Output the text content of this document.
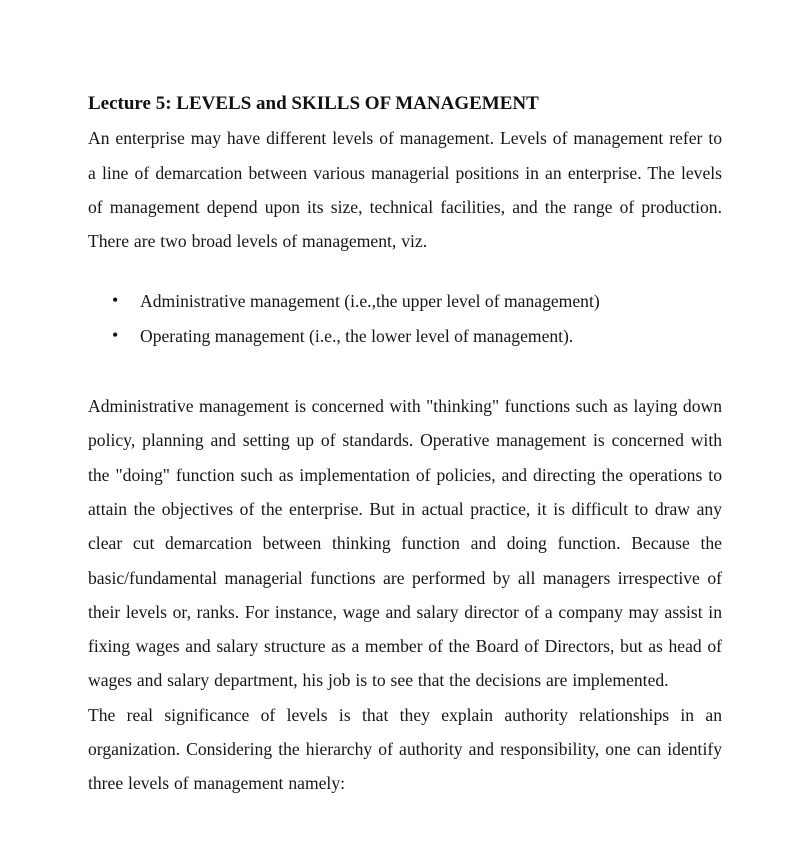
Lecture 5: LEVELS and SKILLS OF MANAGEMENT

An enterprise may have different levels of management. Levels of management refer to a line of demarcation between various managerial positions in an enterprise. The levels of management depend upon its size, technical facilities, and the range of production. There are two broad levels of management, viz.

• Administrative management (i.e.,the upper level of management)
• Operating management (i.e., the lower level of management).

Administrative management is concerned with "thinking" functions such as laying down policy, planning and setting up of standards. Operative management is concerned with the "doing" function such as implementation of policies, and directing the operations to attain the objectives of the enterprise. But in actual practice, it is difficult to draw any clear cut demarcation between thinking function and doing function. Because the basic/fundamental managerial functions are performed by all managers irrespective of their levels or, ranks. For instance, wage and salary director of a company may assist in fixing wages and salary structure as a member of the Board of Directors, but as head of wages and salary department, his job is to see that the decisions are implemented.

The real significance of levels is that they explain authority relationships in an organization. Considering the hierarchy of authority and responsibility, one can identify three levels of management namely:
